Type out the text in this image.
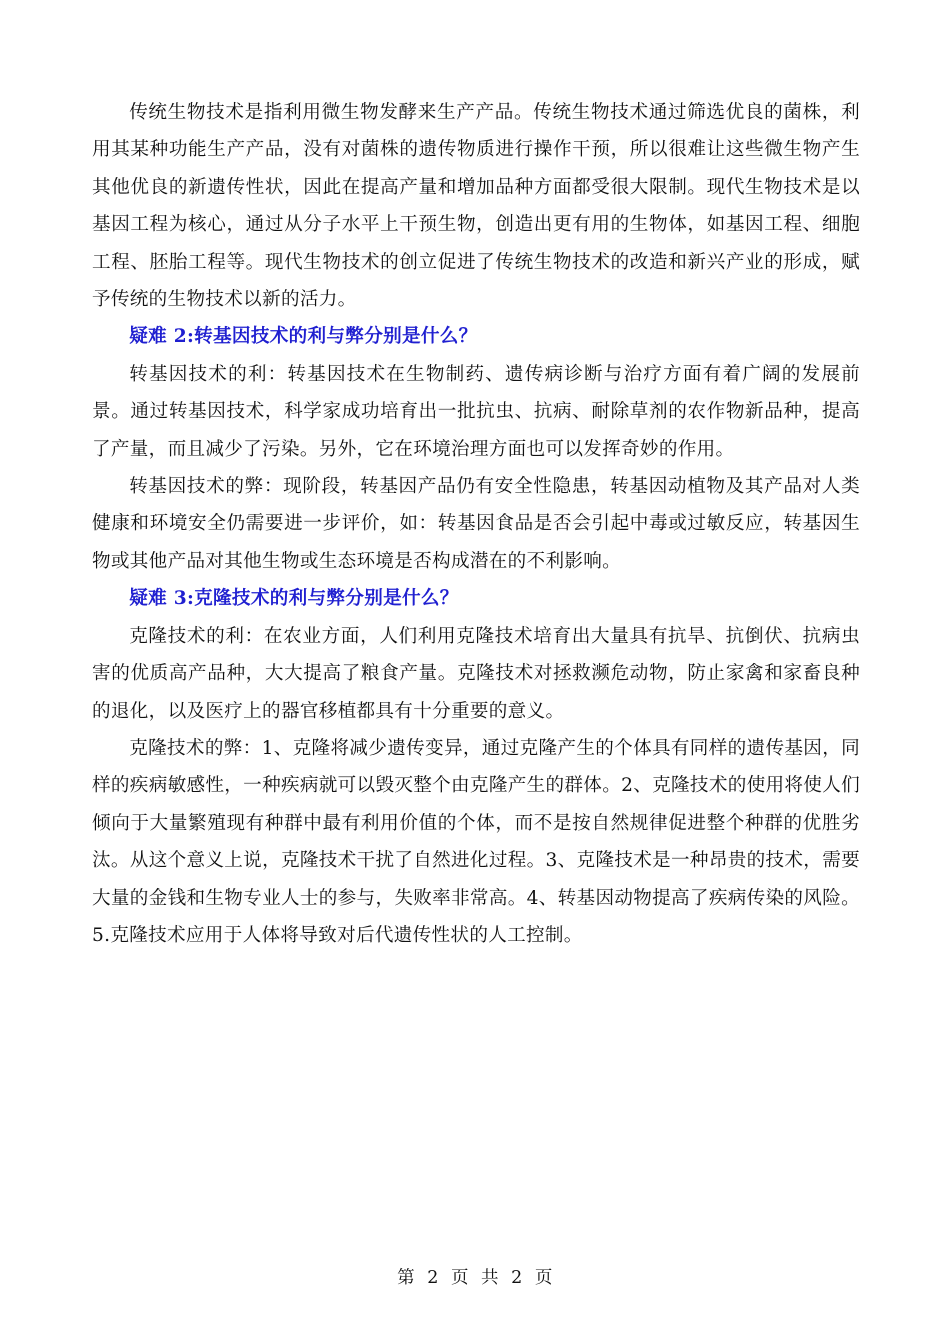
传统生物技术是指利用微生物发酵来生产产品。传统生物技术通过筛选优良的菌株，利用其某种功能生产产品，没有对菌株的遗传物质进行操作干预，所以很难让这些微生物产生其他优良的新遗传性状，因此在提高产量和增加品种方面都受很大限制。现代生物技术是以基因工程为核心，通过从分子水平上干预生物，创造出更有用的生物体，如基因工程、细胞工程、胚胎工程等。现代生物技术的创立促进了传统生物技术的改造和新兴产业的形成，赋予传统的生物技术以新的活力。

疑难 2:转基因技术的利与弊分别是什么？

转基因技术的利：转基因技术在生物制药、遗传病诊断与治疗方面有着广阔的发展前景。通过转基因技术，科学家成功培育出一批抗虫、抗病、耐除草剂的农作物新品种，提高了产量，而且减少了污染。另外，它在环境治理方面也可以发挥奇妙的作用。

转基因技术的弊：现阶段，转基因产品仍有安全性隐患，转基因动植物及其产品对人类健康和环境安全仍需要进一步评价，如：转基因食品是否会引起中毒或过敏反应，转基因生物或其他产品对其他生物或生态环境是否构成潜在的不利影响。

疑难 3:克隆技术的利与弊分别是什么？

克隆技术的利：在农业方面，人们利用克隆技术培育出大量具有抗旱、抗倒伏、抗病虫害的优质高产品种，大大提高了粮食产量。克隆技术对拯救濒危动物，防止家禽和家畜良种的退化，以及医疗上的器官移植都具有十分重要的意义。

克隆技术的弊：1、克隆将减少遗传变异，通过克隆产生的个体具有同样的遗传基因，同样的疾病敏感性，一种疾病就可以毁灭整个由克隆产生的群体。2、克隆技术的使用将使人们倾向于大量繁殖现有种群中最有利用价值的个体，而不是按自然规律促进整个种群的优胜劣汰。从这个意义上说，克隆技术干扰了自然进化过程。3、克隆技术是一种昂贵的技术，需要大量的金钱和生物专业人士的参与，失败率非常高。4、转基因动物提高了疾病传染的风险。 5.克隆技术应用于人体将导致对后代遗传性状的人工控制。

第 2 页 共 2 页
